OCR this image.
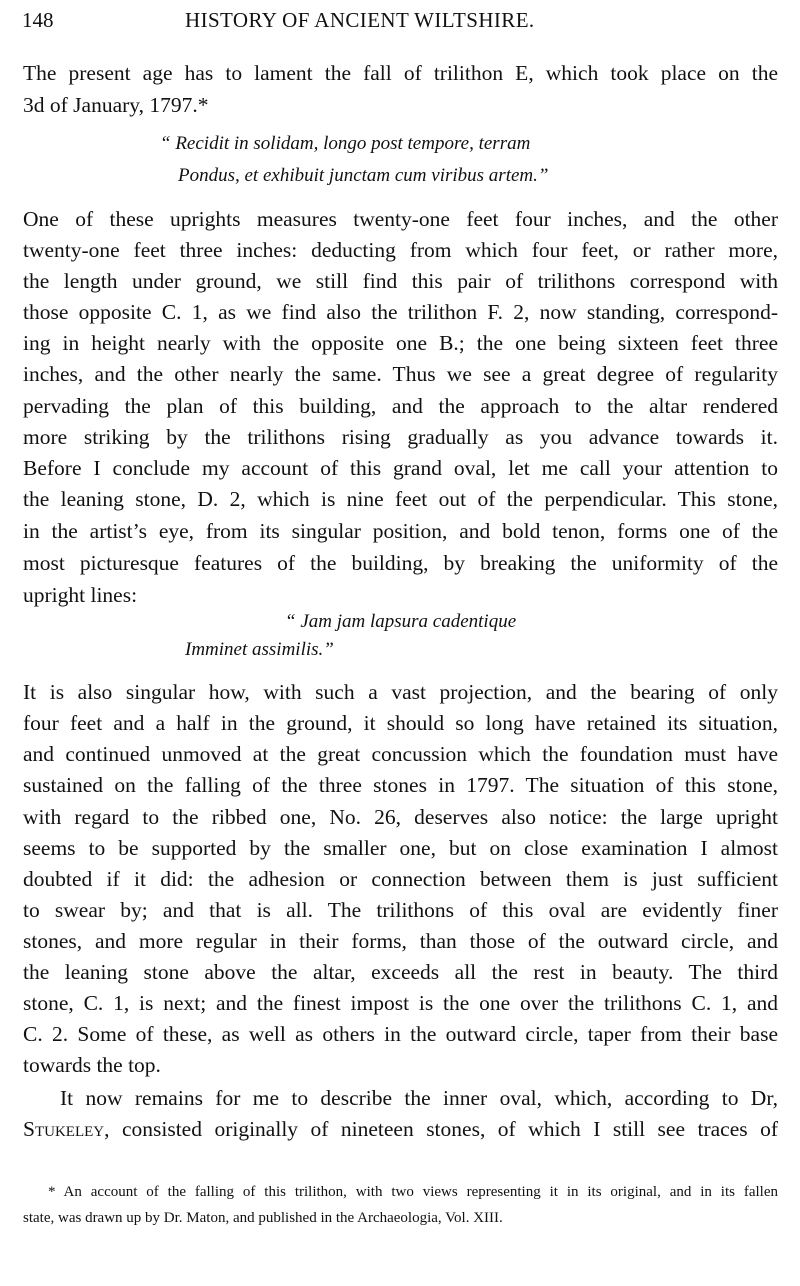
148	HISTORY OF ANCIENT WILTSHIRE.
The present age has to lament the fall of trilithon E, which took place on the
3d of January, 1797.*
“ Recidit in solidam, longo post tempore, terram
Pondus, et exhibuit junctam cum viribus artem.”
One of these uprights measures twenty-one feet four inches, and the other
twenty-one feet three inches: deducting from which four feet, or rather more,
the length under ground, we still find this pair of trilithons correspond with
those opposite C. 1, as we find also the trilithon F. 2, now standing, correspond-
ing in height nearly with the opposite one B.; the one being sixteen feet three
inches, and the other nearly the same. Thus we see a great degree of regularity
pervading the plan of this building, and the approach to the altar rendered
more striking by the trilithons rising gradually as you advance towards it.
Before I conclude my account of this grand oval, let me call your attention to
the leaning stone, D. 2, which is nine feet out of the perpendicular. This stone,
in the artist’s eye, from its singular position, and bold tenon, forms one of the
most picturesque features of the building, by breaking the uniformity of the
upright lines:
“ Jam jam lapsura cadentique
Imminet assimilis.”
It is also singular how, with such a vast projection, and the bearing of only
four feet and a half in the ground, it should so long have retained its situation,
and continued unmoved at the great concussion which the foundation must have
sustained on the falling of the three stones in 1797. The situation of this stone,
with regard to the ribbed one, No. 26, deserves also notice: the large upright
seems to be supported by the smaller one, but on close examination I almost
doubted if it did: the adhesion or connection between them is just sufficient
to swear by; and that is all. The trilithons of this oval are evidently finer
stones, and more regular in their forms, than those of the outward circle, and
the leaning stone above the altar, exceeds all the rest in beauty. The third
stone, C. 1, is next; and the finest impost is the one over the trilithons C. 1, and
C. 2. Some of these, as well as others in the outward circle, taper from their base
towards the top.
It now remains for me to describe the inner oval, which, according to Dr,
Stukeley, consisted originally of nineteen stones, of which I still see traces of
* An account of the falling of this trilithon, with two views representing it in its original, and in its fallen
state, was drawn up by Dr. Maton, and published in the Archaeologia, Vol. XIII.
